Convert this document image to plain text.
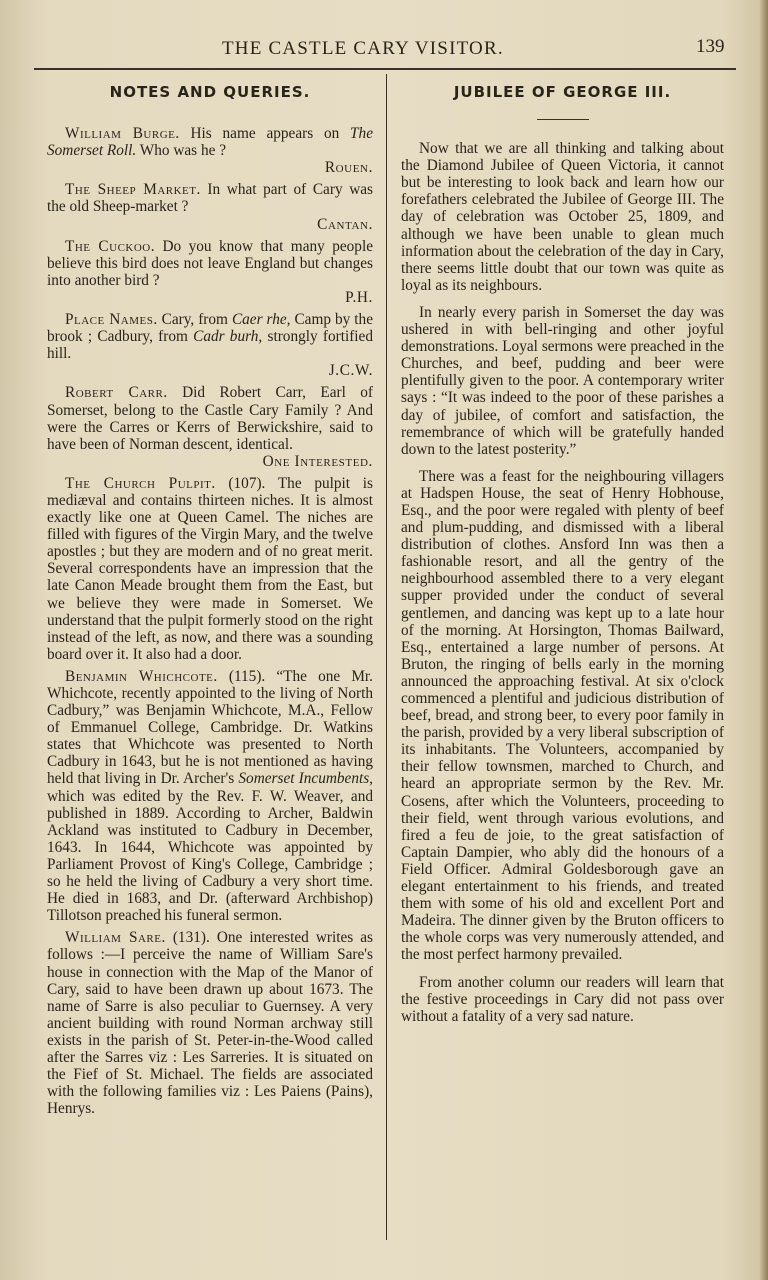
THE CASTLE CARY VISITOR.	139
NOTES AND QUERIES.

William Burge. His name appears on The Somerset Roll. Who was he ?
Rouen.

The Sheep Market. In what part of Cary was the old Sheep-market ?
Cantan.

The Cuckoo. Do you know that many people believe this bird does not leave England but changes into another bird ?
P.H.

Place Names. Cary, from Caer rhe, Camp by the brook ; Cadbury, from Cadr burh, strongly fortified hill.
J.C.W.

Robert Carr. Did Robert Carr, Earl of Somerset, belong to the Castle Cary Family ? And were the Carres or Kerrs of Berwickshire, said to have been of Norman descent, identical.
One Interested.

The Church Pulpit. (107). The pulpit is mediæval and contains thirteen niches. It is almost exactly like one at Queen Camel. The niches are filled with figures of the Virgin Mary, and the twelve apostles ; but they are modern and of no great merit. Several correspondents have an impression that the late Canon Meade brought them from the East, but we believe they were made in Somerset. We understand that the pulpit formerly stood on the right instead of the left, as now, and there was a sounding board over it. It also had a door.

Benjamin Whichcote. (115). “The one Mr. Whichcote, recently appointed to the living of North Cadbury,” was Benjamin Whichcote, M.A., Fellow of Emmanuel College, Cambridge. Dr. Watkins states that Whichcote was presented to North Cadbury in 1643, but he is not mentioned as having held that living in Dr. Archer's Somerset Incumbents, which was edited by the Rev. F. W. Weaver, and published in 1889. According to Archer, Baldwin Ackland was instituted to Cadbury in December, 1643. In 1644, Whichcote was appointed by Parliament Provost of King's College, Cambridge ; so he held the living of Cadbury a very short time. He died in 1683, and Dr. (afterward Archbishop) Tillotson preached his funeral sermon.

William Sare. (131). One interested writes as follows :—I perceive the name of William Sare's house in connection with the Map of the Manor of Cary, said to have been drawn up about 1673. The name of Sarre is also peculiar to Guernsey. A very ancient building with round Norman archway still exists in the parish of St. Peter-in-the-Wood called after the Sarres viz : Les Sarreries. It is situated on the Fief of St. Michael. The fields are associated with the following families viz : Les Paiens (Pains), Henrys.

JUBILEE OF GEORGE III.

Now that we are all thinking and talking about the Diamond Jubilee of Queen Victoria, it cannot but be interesting to look back and learn how our forefathers celebrated the Jubilee of George III. The day of celebration was October 25, 1809, and although we have been unable to glean much information about the celebration of the day in Cary, there seems little doubt that our town was quite as loyal as its neighbours.

In nearly every parish in Somerset the day was ushered in with bell-ringing and other joyful demonstrations. Loyal sermons were preached in the Churches, and beef, pudding and beer were plentifully given to the poor. A contemporary writer says : “It was indeed to the poor of these parishes a day of jubilee, of comfort and satisfaction, the remembrance of which will be gratefully handed down to the latest posterity.”

There was a feast for the neighbouring villagers at Hadspen House, the seat of Henry Hobhouse, Esq., and the poor were regaled with plenty of beef and plum-pudding, and dismissed with a liberal distribution of clothes. Ansford Inn was then a fashionable resort, and all the gentry of the neighbourhood assembled there to a very elegant supper provided under the conduct of several gentlemen, and dancing was kept up to a late hour of the morning. At Horsington, Thomas Bailward, Esq., entertained a large number of persons. At Bruton, the ringing of bells early in the morning announced the approaching festival. At six o'clock commenced a plentiful and judicious distribution of beef, bread, and strong beer, to every poor family in the parish, provided by a very liberal subscription of its inhabitants. The Volunteers, accompanied by their fellow townsmen, marched to Church, and heard an appropriate sermon by the Rev. Mr. Cosens, after which the Volunteers, proceeding to their field, went through various evolutions, and fired a feu de joie, to the great satisfaction of Captain Dampier, who ably did the honours of a Field Officer. Admiral Goldesborough gave an elegant entertainment to his friends, and treated them with some of his old and excellent Port and Madeira. The dinner given by the Bruton officers to the whole corps was very numerously attended, and the most perfect harmony prevailed.

From another column our readers will learn that the festive proceedings in Cary did not pass over without a fatality of a very sad nature.
